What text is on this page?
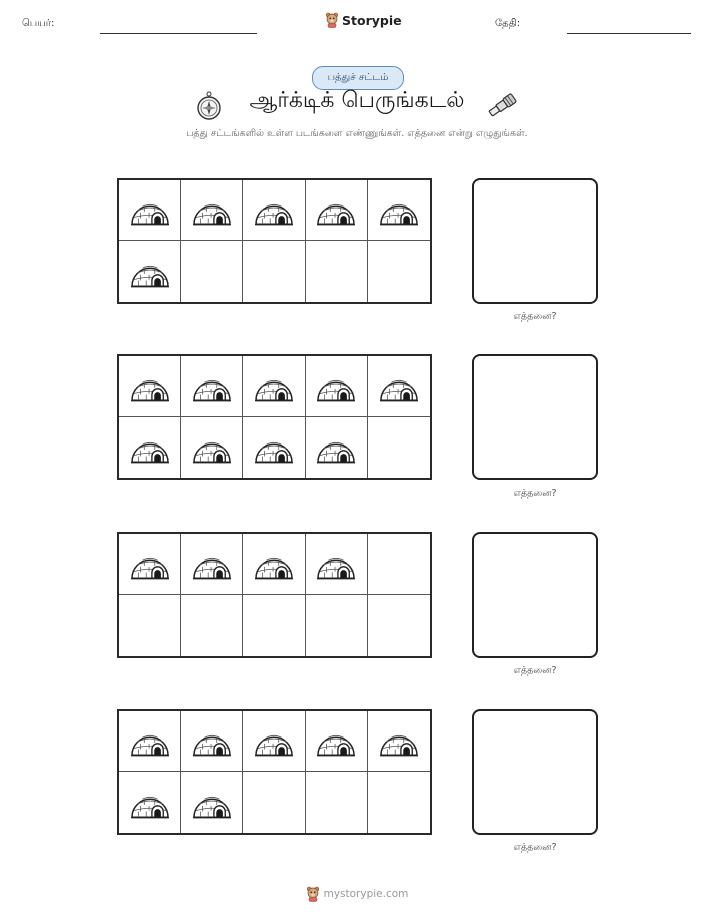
பெயர்:	Storypie	தேதி:
பத்துச் சட்டம்
ஆர்க்டிக் பெருங்கடல்
பத்து சட்டங்களில் உள்ள படங்களை எண்ணுங்கள். எத்தனை என்று எழுதுங்கள்.
எத்தனை?
எத்தனை?
எத்தனை?
எத்தனை?
mystorypie.com
